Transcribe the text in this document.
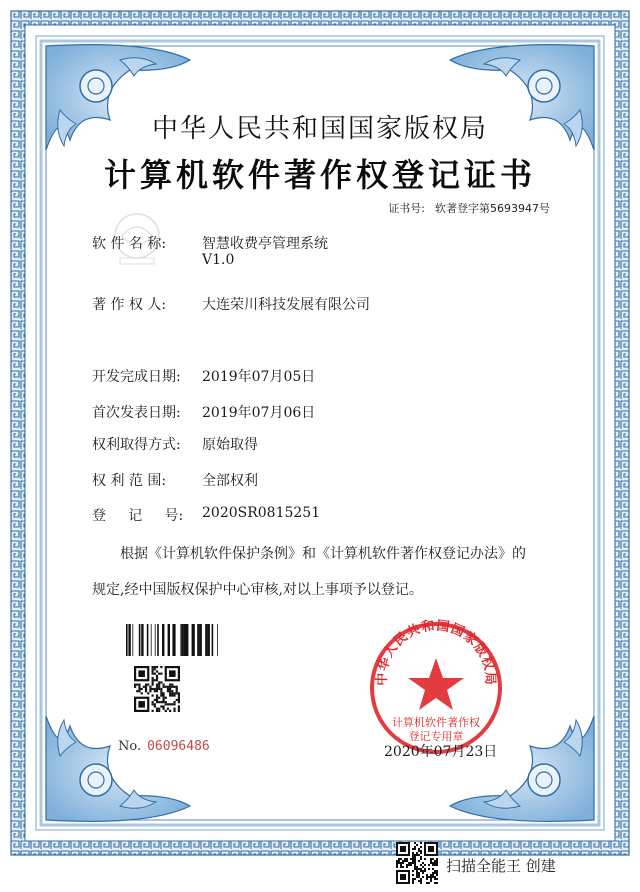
中华人民共和国国家版权局
计算机软件著作权登记证书
证书号: 软著登字第5693947号
软 件 名 称:	智慧收费亭管理系统
V1.0
著 作 权 人:	大连荣川科技发展有限公司
开发完成日期:	2019年07月05日
首次发表日期:	2019年07月06日
权利取得方式:	原始取得
权 利 范 围:	全部权利
登     记     号:	2020SR0815251
根据《计算机软件保护条例》和《计算机软件著作权登记办法》的
规定,经中国版权保护中心审核,对以上事项予以登记。
No. 06096486
中华人民共和国国家版权局
计算机软件著作权
登记专用章
2020年07月23日
扫描全能王 创建
